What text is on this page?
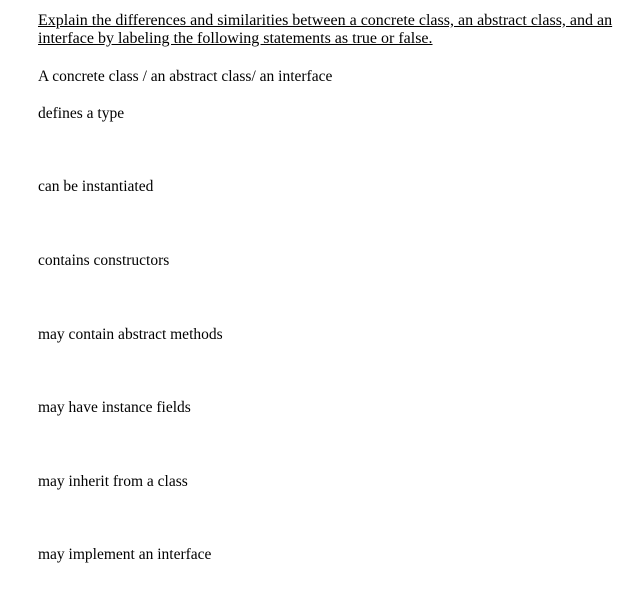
Explain the differences and similarities between a concrete class, an abstract class, and an
interface by labeling the following statements as true or false.

A concrete class / an abstract class/ an interface

defines a type

can be instantiated

contains constructors

may contain abstract methods

may have instance fields

may inherit from a class

may implement an interface
